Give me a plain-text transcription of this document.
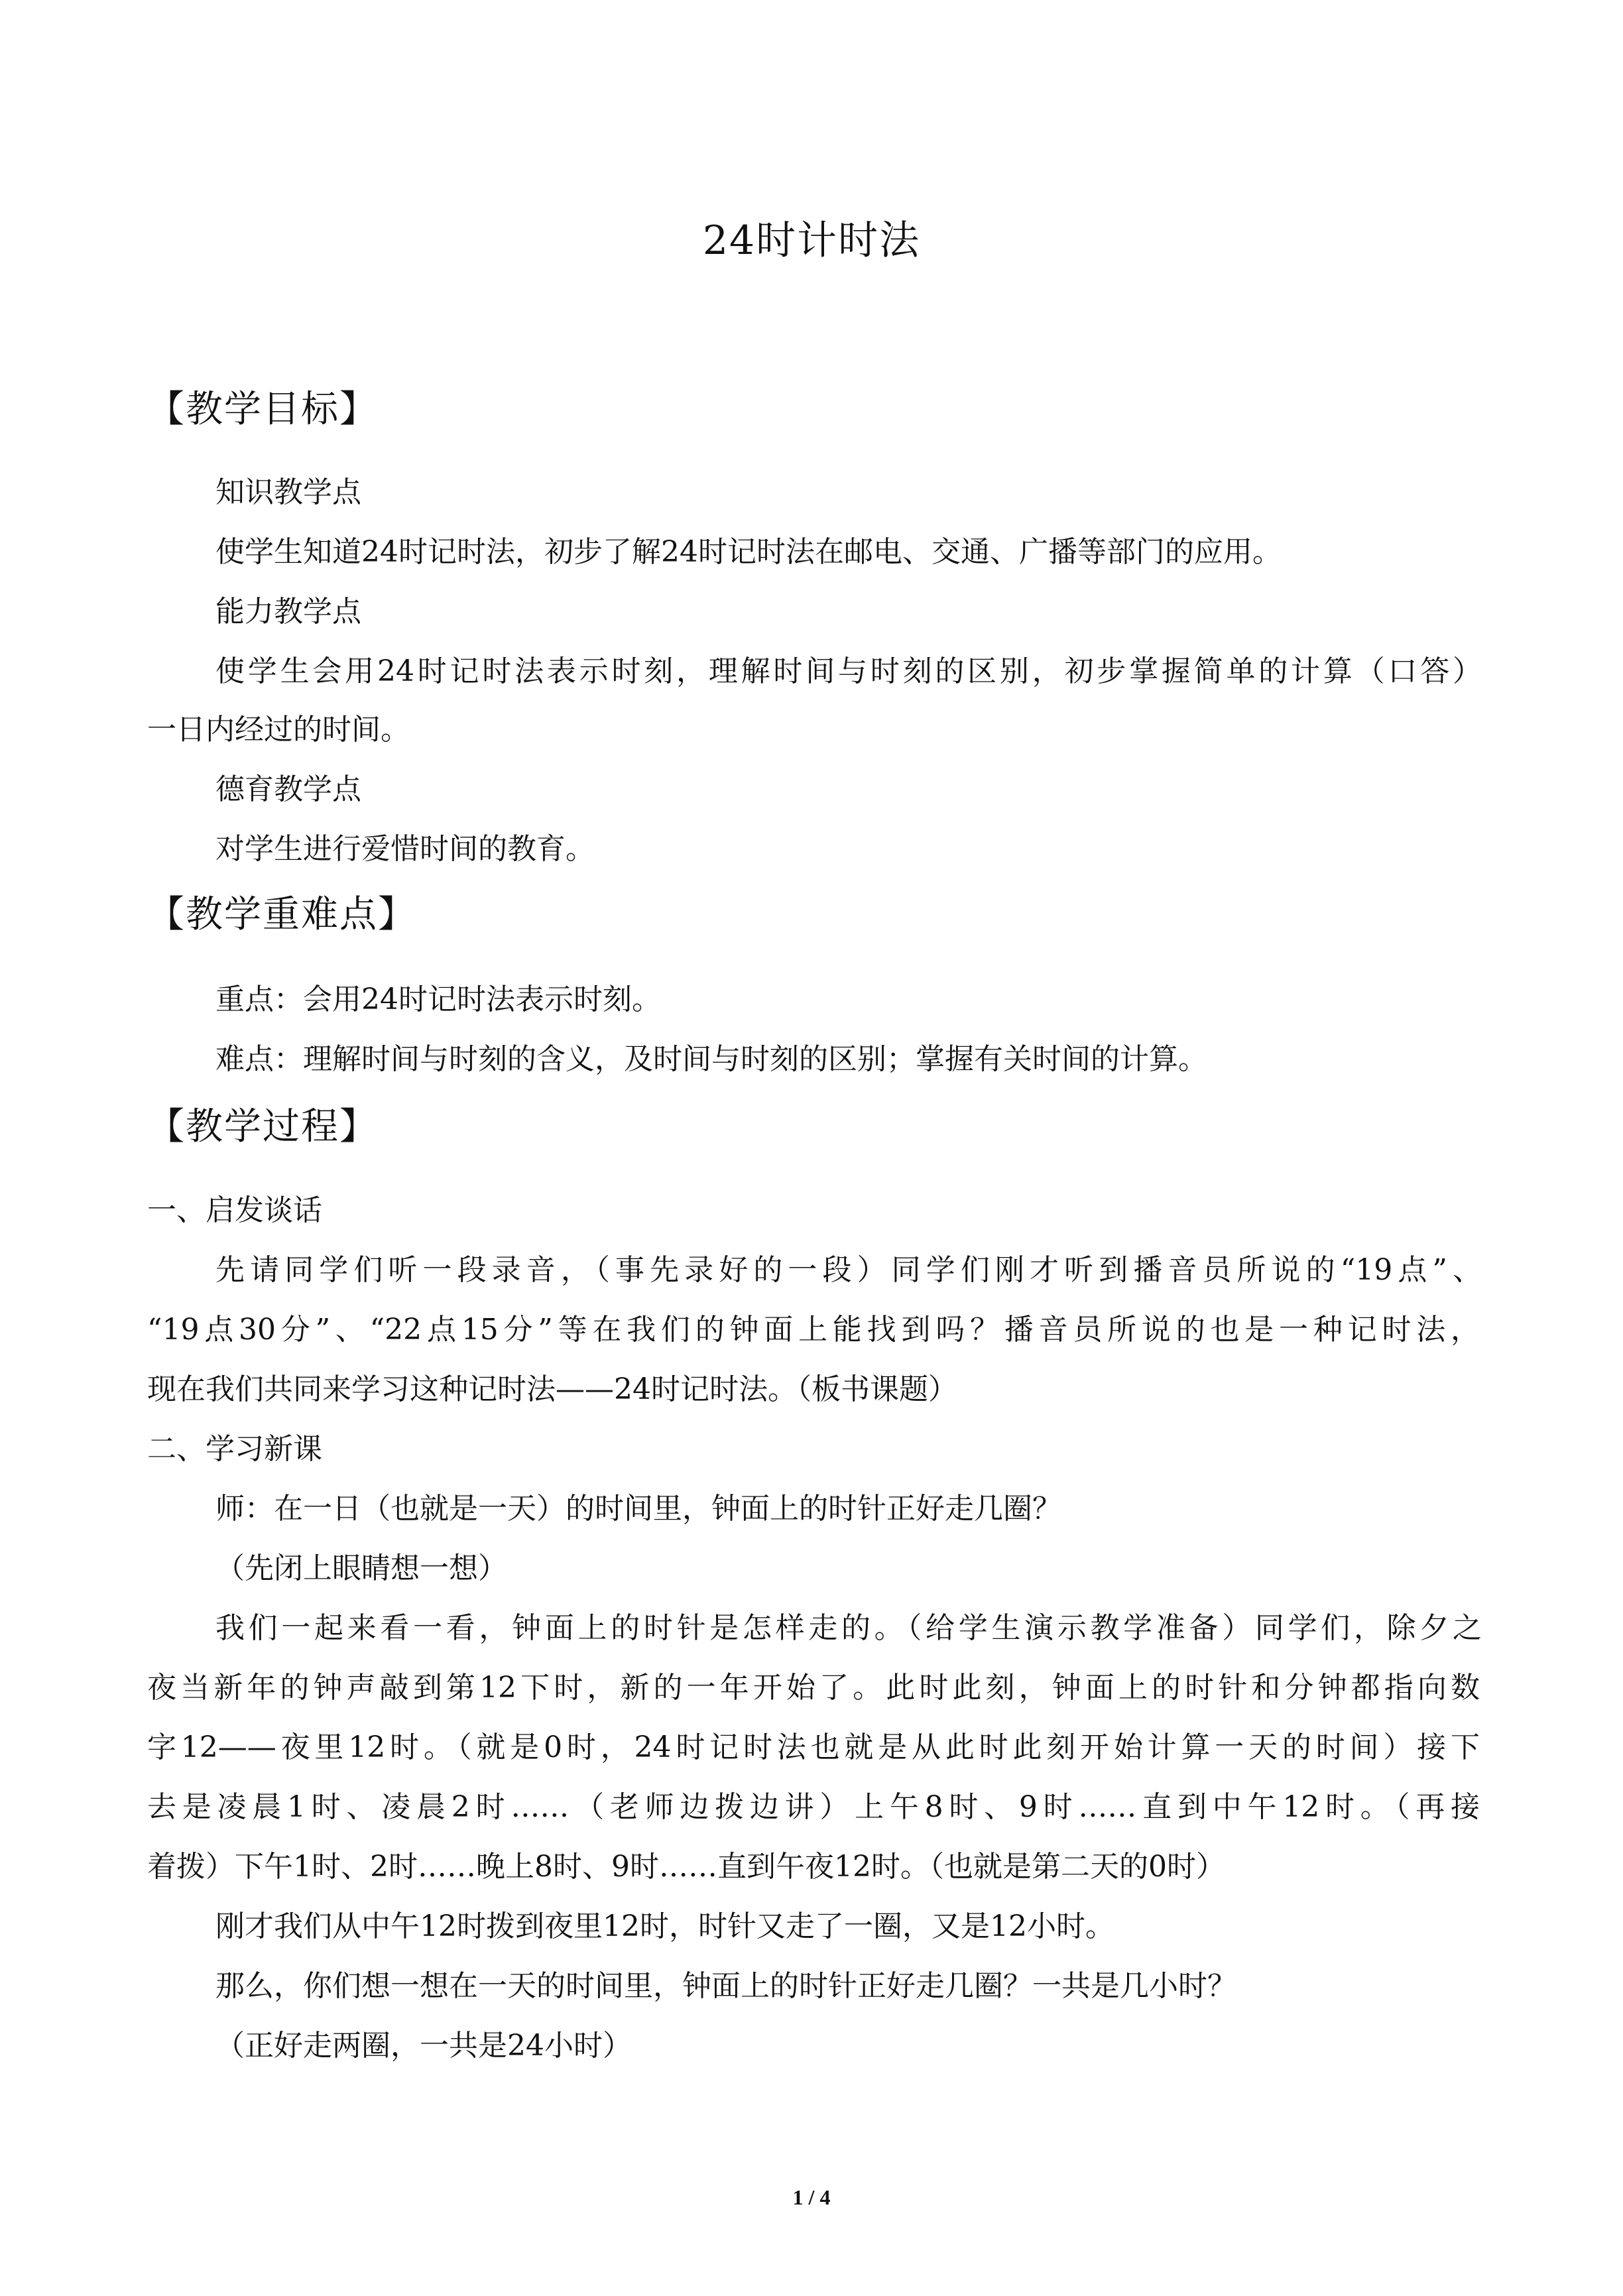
24时计时法
【教学目标】
知识教学点
使学生知道24时记时法，初步了解24时记时法在邮电、交通、广播等部门的应用。
能力教学点
使学生会用24时记时法表示时刻，理解时间与时刻的区别，初步掌握简单的计算（口答）
一日内经过的时间。
德育教学点
对学生进行爱惜时间的教育。
【教学重难点】
重点：会用24时记时法表示时刻。
难点：理解时间与时刻的含义，及时间与时刻的区别；掌握有关时间的计算。
【教学过程】
一、启发谈话
先请同学们听一段录音，（事先录好的一段）同学们刚才听到播音员所说的“19点”、
“19点30分”、“22点15分”等在我们的钟面上能找到吗？播音员所说的也是一种记时法，
现在我们共同来学习这种记时法——24时记时法。（板书课题）
二、学习新课
师：在一日（也就是一天）的时间里，钟面上的时针正好走几圈？
（先闭上眼睛想一想）
我们一起来看一看，钟面上的时针是怎样走的。（给学生演示教学准备）同学们，除夕之
夜当新年的钟声敲到第12下时，新的一年开始了。此时此刻，钟面上的时针和分钟都指向数
字12——夜里12时。（就是0时，24时记时法也就是从此时此刻开始计算一天的时间）接下
去是凌晨1时、凌晨2时……（老师边拨边讲）上午8时、9时……直到中午12时。（再接
着拨）下午1时、2时……晚上8时、9时……直到午夜12时。（也就是第二天的0时）
刚才我们从中午12时拨到夜里12时，时针又走了一圈，又是12小时。
那么，你们想一想在一天的时间里，钟面上的时针正好走几圈？一共是几小时？
（正好走两圈，一共是24小时）
1 / 4
